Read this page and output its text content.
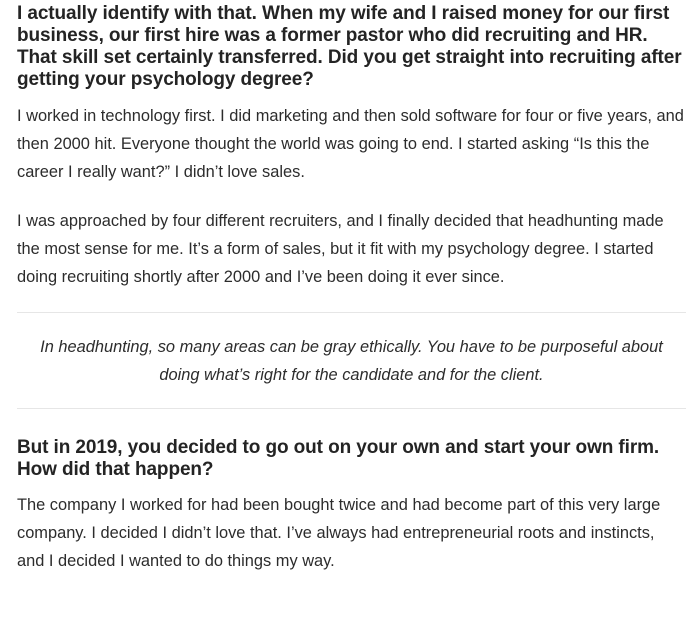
I actually identify with that. When my wife and I raised money for our first business, our first hire was a former pastor who did recruiting and HR. That skill set certainly transferred. Did you get straight into recruiting after getting your psychology degree?

I worked in technology first. I did marketing and then sold software for four or five years, and then 2000 hit. Everyone thought the world was going to end. I started asking “Is this the career I really want?” I didn’t love sales.

I was approached by four different recruiters, and I finally decided that headhunting made the most sense for me. It’s a form of sales, but it fit with my psychology degree. I started doing recruiting shortly after 2000 and I’ve been doing it ever since.

In headhunting, so many areas can be gray ethically. You have to be purposeful about doing what’s right for the candidate and for the client.
But in 2019, you decided to go out on your own and start your own firm. How did that happen?

The company I worked for had been bought twice and had become part of this very large company. I decided I didn’t love that. I’ve always had entrepreneurial roots and instincts, and I decided I wanted to do things my way.
